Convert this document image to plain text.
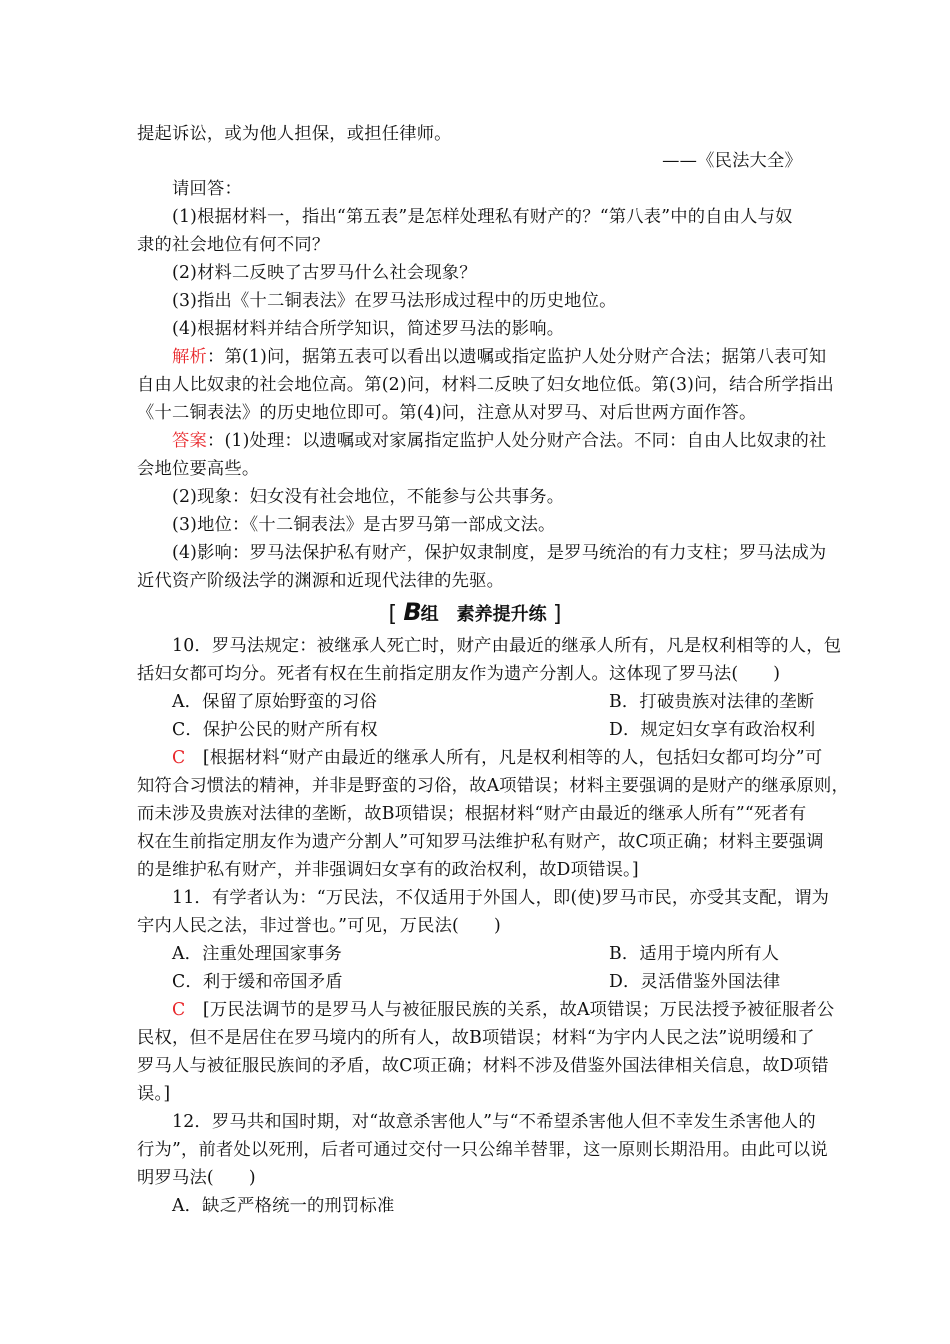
提起诉讼，或为他人担保，或担任律师。
——《民法大全》
请回答：
(1)根据材料一，指出“第五表”是怎样处理私有财产的？“第八表”中的自由人与奴
隶的社会地位有何不同？
(2)材料二反映了古罗马什么社会现象？
(3)指出《十二铜表法》在罗马法形成过程中的历史地位。
(4)根据材料并结合所学知识，简述罗马法的影响。
解析：第(1)问，据第五表可以看出以遗嘱或指定监护人处分财产合法；据第八表可知
自由人比奴隶的社会地位高。第(2)问，材料二反映了妇女地位低。第(3)问，结合所学指出
《十二铜表法》的历史地位即可。第(4)问，注意从对罗马、对后世两方面作答。
答案：(1)处理：以遗嘱或对家属指定监护人处分财产合法。不同：自由人比奴隶的社
会地位要高些。
(2)现象：妇女没有社会地位，不能参与公共事务。
(3)地位：《十二铜表法》是古罗马第一部成文法。
(4)影响：罗马法保护私有财产，保护奴隶制度，是罗马统治的有力支柱；罗马法成为
近代资产阶级法学的渊源和近现代法律的先驱。
[ B组　素养提升练 ]
10．罗马法规定：被继承人死亡时，财产由最近的继承人所有，凡是权利相等的人，包
括妇女都可均分。死者有权在生前指定朋友作为遗产分割人。这体现了罗马法(　　)
A．保留了原始野蛮的习俗	B．打破贵族对法律的垄断
C．保护公民的财产所有权	D．规定妇女享有政治权利
C　[根据材料“财产由最近的继承人所有，凡是权利相等的人，包括妇女都可均分”可
知符合习惯法的精神，并非是野蛮的习俗，故A项错误；材料主要强调的是财产的继承原则，
而未涉及贵族对法律的垄断，故B项错误；根据材料“财产由最近的继承人所有”“死者有
权在生前指定朋友作为遗产分割人”可知罗马法维护私有财产，故C项正确；材料主要强调
的是维护私有财产，并非强调妇女享有的政治权利，故D项错误。]
11．有学者认为：“万民法，不仅适用于外国人，即(使)罗马市民，亦受其支配，谓为
宇内人民之法，非过誉也。”可见，万民法(　　)
A．注重处理国家事务	B．适用于境内所有人
C．利于缓和帝国矛盾	D．灵活借鉴外国法律
C　[万民法调节的是罗马人与被征服民族的关系，故A项错误；万民法授予被征服者公
民权，但不是居住在罗马境内的所有人，故B项错误；材料“为宇内人民之法”说明缓和了
罗马人与被征服民族间的矛盾，故C项正确；材料不涉及借鉴外国法律相关信息，故D项错
误。]
12．罗马共和国时期，对“故意杀害他人”与“不希望杀害他人但不幸发生杀害他人的
行为”，前者处以死刑，后者可通过交付一只公绵羊替罪，这一原则长期沿用。由此可以说
明罗马法(　　)
A．缺乏严格统一的刑罚标准
